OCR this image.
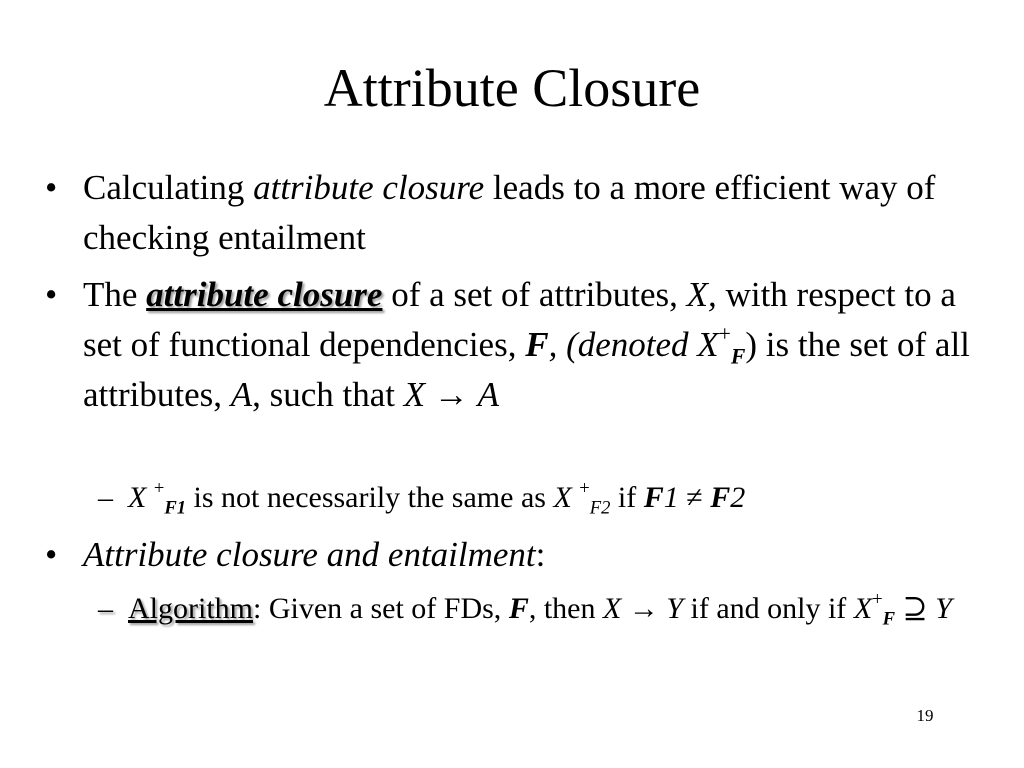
Attribute Closure
• Calculating attribute closure leads to a more efficient way of checking entailment
• The attribute closure of a set of attributes, X, with respect to a set of functional dependencies, F, (denoted $X^+_F$) is the set of all attributes, A, such that X → A
– X +$_{F1}$ is not necessarily the same as X +$_{F2}$ if F1 ≠ F2
• Attribute closure and entailment:
– Algorithm: Given a set of FDs, F, then X → Y if and only if $X^+_F$ ⊇ Y
19
